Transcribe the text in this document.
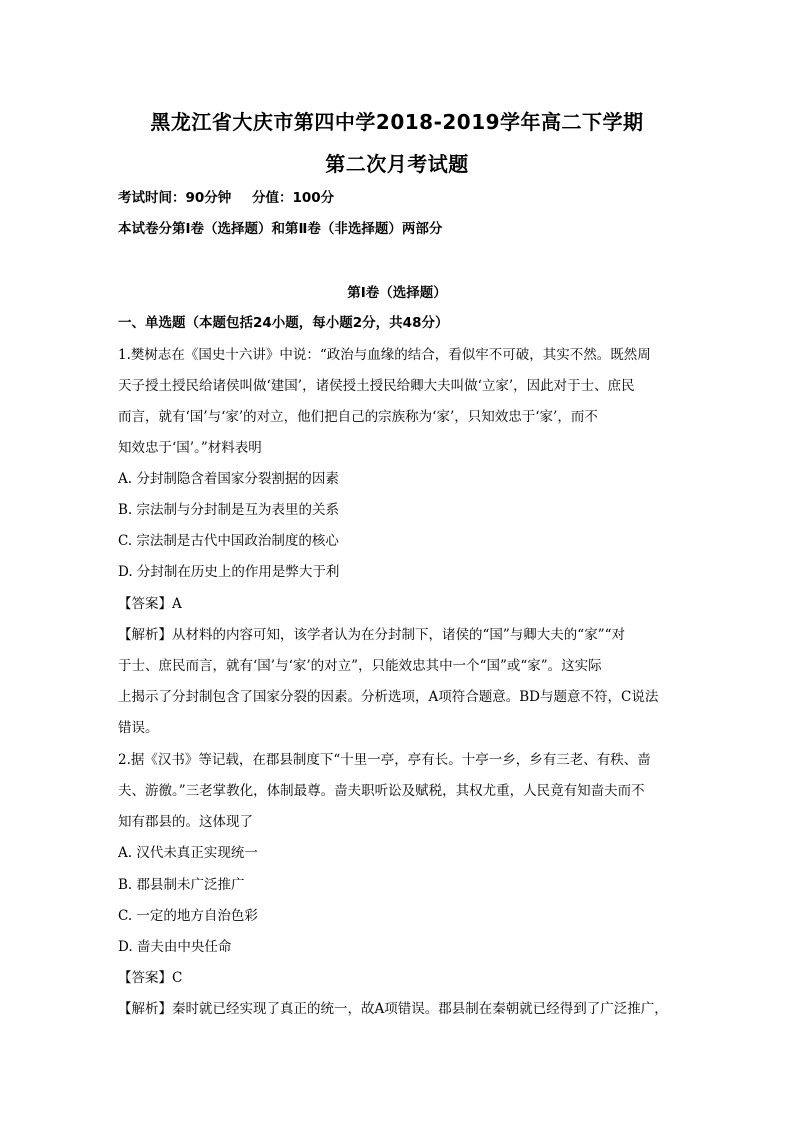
黑龙江省大庆市第四中学2018-2019学年高二下学期
第二次月考试题
考试时间：90分钟 分值：100分
本试卷分第Ⅰ卷（选择题）和第Ⅱ卷（非选择题）两部分
第Ⅰ卷（选择题）
一、单选题（本题包括24小题，每小题2分，共48分）
1.樊树志在《国史十六讲》中说：“政治与血缘的结合，看似牢不可破，其实不然。既然周
天子授土授民给诸侯叫做‘建国’，诸侯授土授民给卿大夫叫做‘立家’，因此对于士、庶民
而言，就有‘国’与‘家’的对立，他们把自己的宗族称为‘家’，只知效忠于‘家’，而不
知效忠于‘国’。”材料表明
A. 分封制隐含着国家分裂割据的因素
B. 宗法制与分封制是互为表里的关系
C. 宗法制是古代中国政治制度的核心
D. 分封制在历史上的作用是弊大于利
【答案】A
【解析】从材料的内容可知，该学者认为在分封制下，诸侯的“国”与卿大夫的“家”“对
于士、庶民而言，就有‘国’与‘家’的对立”，只能效忠其中一个“国”或“家”。这实际
上揭示了分封制包含了国家分裂的因素。分析选项，A项符合题意。BD与题意不符，C说法
错误。
2.据《汉书》等记载，在郡县制度下“十里一亭，亭有长。十亭一乡，乡有三老、有秩、啬
夫、游徼。”三老掌教化，体制最尊。啬夫职听讼及赋税，其权尤重，人民竟有知啬夫而不
知有郡县的。这体现了
A. 汉代未真正实现统一
B. 郡县制未广泛推广
C. 一定的地方自治色彩
D. 啬夫由中央任命
【答案】C
【解析】秦时就已经实现了真正的统一，故A项错误。郡县制在秦朝就已经得到了广泛推广，
